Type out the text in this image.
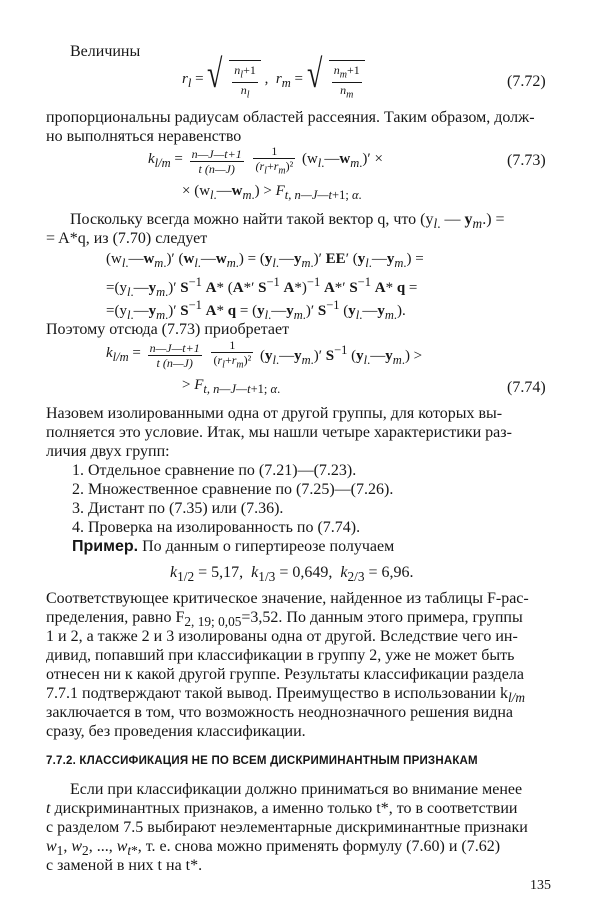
Величины
$r_l$ = √ $\frac{n_l+1}{n_l}$ ,  $r_m$ = √ $\frac{n_m+1}{n_m}$	(7.72)
пропорциональны радиусам областей рассеяния. Таким образом, долж-
но выполняться неравенство
$k_{l/m} = \frac{n—J—t+1}{t (n—J)}$
$\frac{1}{(r_l+r_m)^2}$ $(w_{l.}—w_{m.})'$ ×	(7.73)
× $(w_{l.}—w_{m.}) > F_{t, n—J—t+1; \alpha.}$
Поскольку всегда можно найти такой вектор q, что ($y_{l.}$ — $y_m$.) =
= A*q, из (7.70) следует
$(w_{l.}—w_{m.})'$ $(w_{l.}—w_{m.})$ = $(y_{l.}—y_{m.})'$ EE′ $(y_{l.}—y_{m.})$ =
$=(y_{l.}—y_{m.})'$ $S^{-1}$ A* (A*′ $S^{-1}$ A*)$^{-1}$ A*′ $S^{-1}$ A* q =
$=(y_{l.}—y_{m.})'$ $S^{-1}$ A* $q = (y_{l.}—y_{m.})'$ $S^{-1}$ $(y_{l.}—y_{m.})$.
Поэтому отсюда (7.73) приобретает
$k_{l/m} = \frac{n—J—t+1}{t (n—J)}$
$\frac{1}{(r_l+r_m)^2}$ $(y_{l.}—y_{m.})'$ $S^{-1}$ $(y_{l.}—y_{m.})$ >
> $F_{t, n—J—t+1; \alpha.}$	(7.74)
Назовем изолированными одна от другой группы, для которых вы-
полняется это условие. Итак, мы нашли четыре характеристики раз-
личия двух групп:
1. Отдельное сравнение по (7.21)—(7.23).
2. Множественное сравнение по (7.25)—(7.26).
3. Дистант по (7.35) или (7.36).
4. Проверка на изолированность по (7.74).
Пример. По данным о гипертиреозе получаем
$k_{1/2} = 5,17$, $k_{1/3} = 0,649$, $k_{2/3} = 6,96$.
Соответствующее критическое значение, найденное из таблицы F-рас-
пределения, равно $F_{2, 19; 0,05}=3,52$. По данным этого примера, группы
1 и 2, а также 2 и 3 изолированы одна от другой. Вследствие чего ин-
дивид, попавший при классификации в группу 2, уже не может быть
отнесен ни к какой другой группе. Результаты классификации раздела
7.7.1 подтверждают такой вывод. Преимущество в использовании $k_{l/m}$
заключается в том, что возможность неоднозначного решения видна
сразу, без проведения классификации.
7.7.2. КЛАССИФИКАЦИЯ НЕ ПО ВСЕМ ДИСКРИМИНАНТНЫМ ПРИЗНАКАМ
Если при классификации должно приниматься во внимание менее
t дискриминантных признаков, а именно только t*, то в соответствии
с разделом 7.5 выбирают неэлементарные дискриминантные признаки
$w_1$, $w_2$, ..., $w_{t*}$, т. е. снова можно применять формулу (7.60) и (7.62)
с заменой в них t на t*.
135
